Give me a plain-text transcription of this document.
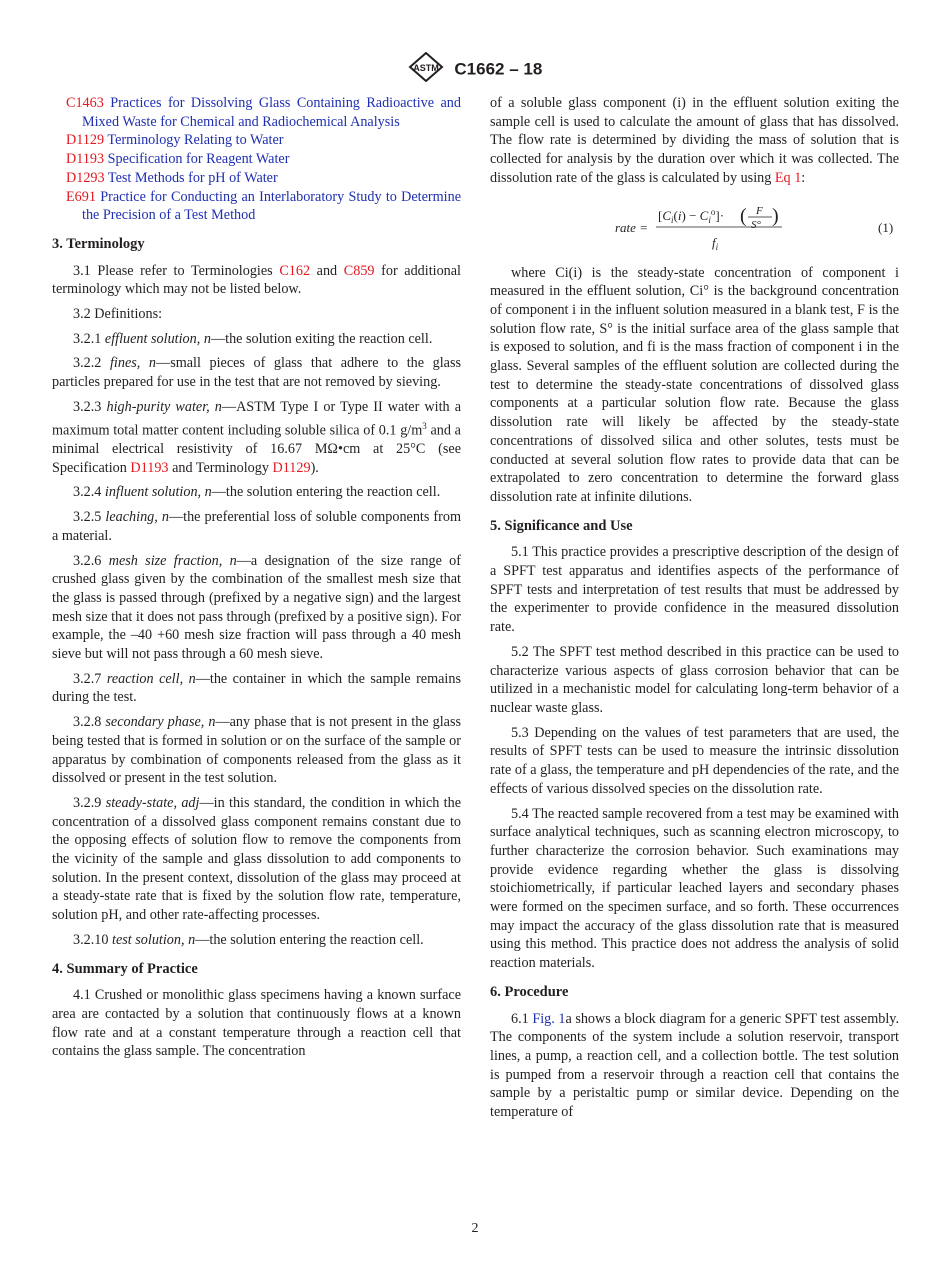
ASTM C1662 – 18

C1463 Practices for Dissolving Glass Containing Radioactive and Mixed Waste for Chemical and Radiochemical Analysis

D1129 Terminology Relating to Water

D1193 Specification for Reagent Water

D1293 Test Methods for pH of Water

E691 Practice for Conducting an Interlaboratory Study to Determine the Precision of a Test Method

3. Terminology

3.1 Please refer to Terminologies C162 and C859 for additional terminology which may not be listed below.

3.2 Definitions:

3.2.1 effluent solution, n—the solution exiting the reaction cell.

3.2.2 fines, n—small pieces of glass that adhere to the glass particles prepared for use in the test that are not removed by sieving.

3.2.3 high-purity water, n—ASTM Type I or Type II water with a maximum total matter content including soluble silica of 0.1 $g/m^3$ and a minimal electrical resistivity of 16.67 MΩ•cm at 25°C (see Specification D1193 and Terminology D1129).

3.2.4 influent solution, n—the solution entering the reaction cell.

3.2.5 leaching, n—the preferential loss of soluble components from a material.

3.2.6 mesh size fraction, n—a designation of the size range of crushed glass given by the combination of the smallest mesh size that the glass is passed through (prefixed by a negative sign) and the largest mesh size that it does not pass through (prefixed by a positive sign). For example, the –40 +60 mesh size fraction will pass through a 40 mesh sieve but will not pass through a 60 mesh sieve.

3.2.7 reaction cell, n—the container in which the sample remains during the test.

3.2.8 secondary phase, n—any phase that is not present in the glass being tested that is formed in solution or on the surface of the sample or apparatus by combination of components released from the glass as it dissolved or present in the test solution.

3.2.9 steady-state, adj—in this standard, the condition in which the concentration of a dissolved glass component remains constant due to the opposing effects of solution flow to remove the components from the vicinity of the sample and glass dissolution to add components to solution. In the present context, dissolution of the glass may proceed at a steady-state rate that is fixed by the solution flow rate, temperature, solution pH, and other rate-affecting processes.

3.2.10 test solution, n—the solution entering the reaction cell.

4. Summary of Practice

4.1 Crushed or monolithic glass specimens having a known surface area are contacted by a solution that continuously flows at a known flow rate and at a constant temperature through a reaction cell that contains the glass sample. The concentration

of a soluble glass component (i) in the effluent solution exiting the sample cell is used to calculate the amount of glass that has dissolved. The flow rate is determined by dividing the mass of solution that is collected for analysis by the duration over which it was collected. The dissolution rate of the glass is calculated by using Eq 1:

rate =
$[C_i(i) - C_i^o]\cdot$	F
S°
( )
$f_i$
(1)

where Ci(i) is the steady-state concentration of component i measured in the effluent solution, Ci° is the background concentration of component i in the influent solution measured in a blank test, F is the solution flow rate, S° is the initial surface area of the glass sample that is exposed to solution, and fi is the mass fraction of component i in the glass. Several samples of the effluent solution are collected during the test to determine the steady-state concentrations of dissolved glass components at a particular solution flow rate. Because the glass dissolution rate will likely be affected by the steady-state concentrations of dissolved silica and other solutes, tests must be conducted at several solution flow rates to provide data that can be extrapolated to zero concentration to determine the forward glass dissolution rate at infinite dilutions.

5. Significance and Use

5.1 This practice provides a prescriptive description of the design of a SPFT test apparatus and identifies aspects of the performance of SPFT tests and interpretation of test results that must be addressed by the experimenter to provide confidence in the measured dissolution rate.

5.2 The SPFT test method described in this practice can be used to characterize various aspects of glass corrosion behavior that can be utilized in a mechanistic model for calculating long-term behavior of a nuclear waste glass.

5.3 Depending on the values of test parameters that are used, the results of SPFT tests can be used to measure the intrinsic dissolution rate of a glass, the temperature and pH dependencies of the rate, and the effects of various dissolved species on the dissolution rate.

5.4 The reacted sample recovered from a test may be examined with surface analytical techniques, such as scanning electron microscopy, to further characterize the corrosion behavior. Such examinations may provide evidence regarding whether the glass is dissolving stoichiometrically, if particular leached layers and secondary phases were formed on the specimen surface, and so forth. These occurrences may impact the accuracy of the glass dissolution rate that is measured using this method. This practice does not address the analysis of solid reaction materials.

6. Procedure

6.1 Fig. 1a shows a block diagram for a generic SPFT test assembly. The components of the system include a solution reservoir, transport lines, a pump, a reaction cell, and a collection bottle. The test solution is pumped from a reservoir through a reaction cell that contains the sample by a peristaltic pump or similar device. Depending on the temperature of

2
